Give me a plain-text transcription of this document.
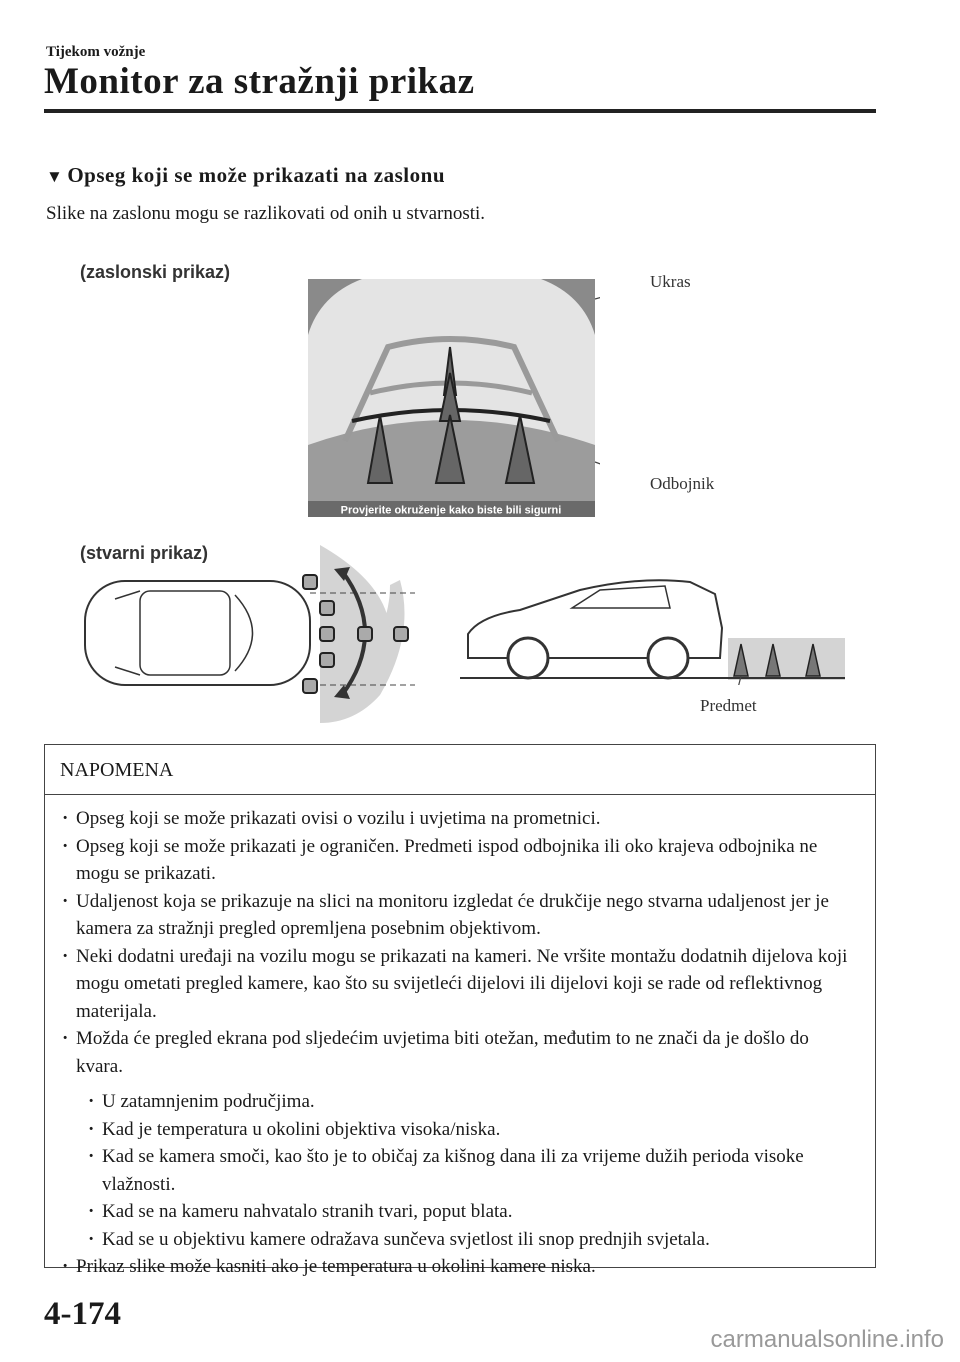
Tijekom vožnje
Monitor za stražnji prikaz
▼ Opseg koji se može prikazati na zaslonu
Slike na zaslonu mogu se razlikovati od onih u stvarnosti.
(zaslonski prikaz)
Provjerite okruženje kako biste bili sigurni
Ukras
Odbojnik
(stvarni prikaz)
Predmet
NAPOMENA
· Opseg koji se može prikazati ovisi o vozilu i uvjetima na prometnici.
· Opseg koji se može prikazati je ograničen. Predmeti ispod odbojnika ili oko krajeva odbojnika ne mogu se prikazati.
· Udaljenost koja se prikazuje na slici na monitoru izgledat će drukčije nego stvarna udaljenost jer je kamera za stražnji pregled opremljena posebnim objektivom.
· Neki dodatni uređaji na vozilu mogu se prikazati na kameri. Ne vršite montažu dodatnih dijelova koji mogu ometati pregled kamere, kao što su svijetleći dijelovi ili dijelovi koji se rade od reflektivnog materijala.
· Možda će pregled ekrana pod sljedećim uvjetima biti otežan, međutim to ne znači da je došlo do kvara.
· U zatamnjenim područjima.
· Kad je temperatura u okolini objektiva visoka/niska.
· Kad se kamera smoči, kao što je to običaj za kišnog dana ili za vrijeme dužih perioda visoke vlažnosti.
· Kad se na kameru nahvatalo stranih tvari, poput blata.
· Kad se u objektivu kamere odražava sunčeva svjetlost ili snop prednjih svjetala.
· Prikaz slike može kasniti ako je temperatura u okolini kamere niska.
4-174
carmanualsonline.info
